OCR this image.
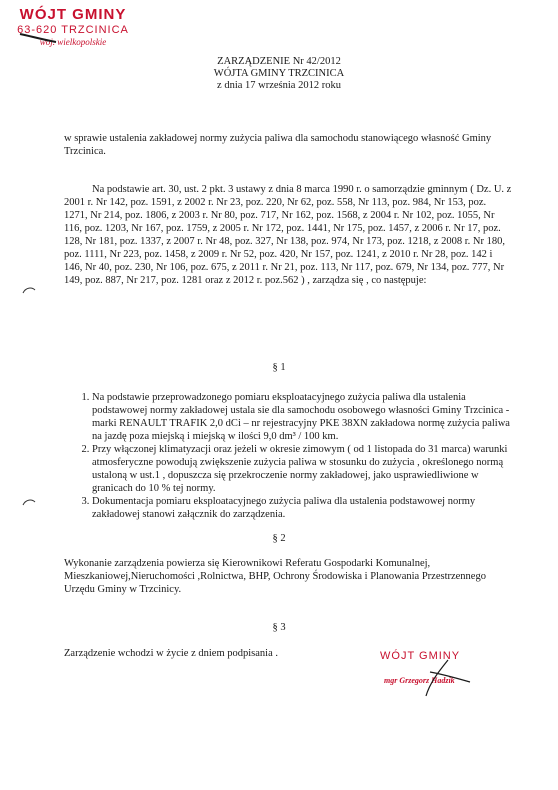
WÓJT GMINY
63-620 TRZCINICA
woj. wielkopolskie
ZARZĄDZENIE Nr 42/2012
WÓJTA GMINY TRZCINICA
z dnia 17 września 2012 roku

w sprawie ustalenia zakładowej normy zużycia paliwa dla samochodu stanowiącego własność Gminy Trzcinica.

Na podstawie art. 30, ust. 2 pkt. 3 ustawy z dnia 8 marca 1990 r. o samorządzie gminnym ( Dz. U. z 2001 r. Nr 142, poz. 1591, z 2002 r. Nr 23, poz. 220, Nr 62, poz. 558, Nr 113, poz. 984, Nr 153, poz. 1271, Nr 214, poz. 1806, z 2003 r. Nr 80, poz. 717, Nr 162, poz. 1568, z 2004 r. Nr 102, poz. 1055, Nr 116, poz. 1203, Nr 167, poz. 1759, z 2005 r. Nr 172, poz. 1441, Nr 175, poz. 1457, z 2006 r. Nr 17, poz. 128, Nr 181, poz. 1337, z 2007 r. Nr 48, poz. 327, Nr 138, poz. 974, Nr 173, poz. 1218, z 2008 r. Nr 180, poz. 1111, Nr 223, poz. 1458, z 2009 r. Nr 52, poz. 420, Nr 157, poz. 1241, z 2010 r. Nr 28, poz. 142 i 146, Nr 40, poz. 230, Nr 106, poz. 675, z 2011 r. Nr 21, poz. 113, Nr 117, poz. 679, Nr 134, poz. 777, Nr 149, poz. 887, Nr 217, poz. 1281 oraz z 2012 r. poz.562 ) , zarządza się , co następuje:

§ 1
1. Na podstawie przeprowadzonego pomiaru eksploatacyjnego zużycia paliwa dla ustalenia podstawowej normy zakładowej ustala sie dla samochodu osobowego własności Gminy Trzcinica - marki RENAULT TRAFIK 2,0 dCi – nr rejestracyjny PKE 38XN zakładowa normę zużycia paliwa na jazdę poza miejską i miejską w ilości 9,0 dm³ / 100 km.
2. Przy włączonej klimatyzacji oraz jeżeli w okresie zimowym ( od 1 listopada do 31 marca) warunki atmosferyczne powodują zwiększenie zużycia paliwa w stosunku do zużycia , określonego normą ustaloną w ust.1 , dopuszcza się przekroczenie normy zakładowej, jako usprawiedliwione w granicach do 10 % tej normy.
3. Dokumentacja pomiaru eksploatacyjnego zużycia paliwa dla ustalenia podstawowej normy zakładowej stanowi załącznik do zarządzenia.
§ 2

Wykonanie zarządzenia powierza się Kierownikowi Referatu Gospodarki Komunalnej, Mieszkaniowej,Nieruchomości ,Rolnictwa, BHP, Ochrony Środowiska i Planowania Przestrzennego Urzędu Gminy w Trzcinicy.

§ 3

Zarządzenie wchodzi w życie z dniem podpisania .	WÓJT GMINY
mgr Grzegorz Hadzik
